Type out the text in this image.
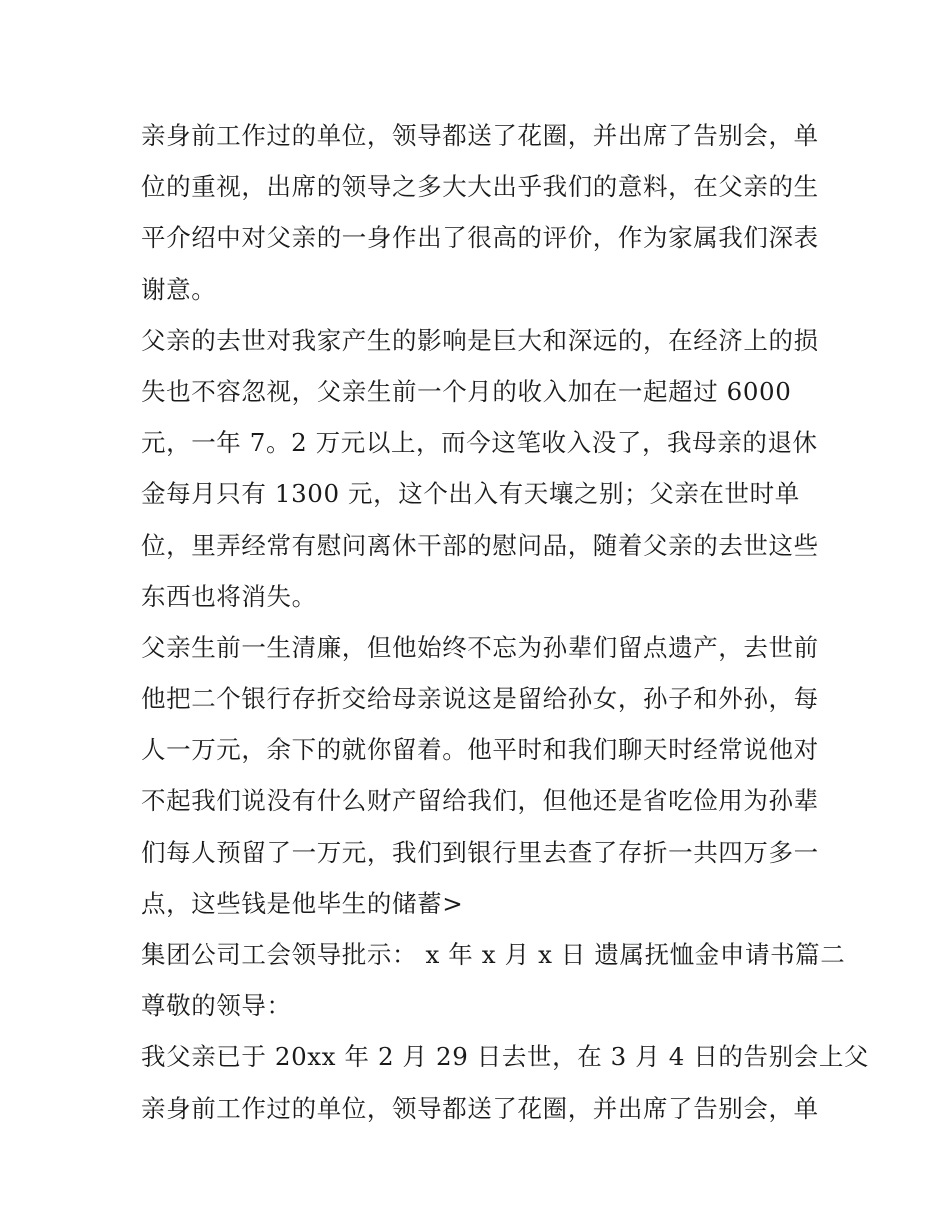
亲身前工作过的单位，领导都送了花圈，并出席了告别会，单
位的重视，出席的领导之多大大出乎我们的意料，在父亲的生
平介绍中对父亲的一身作出了很高的评价，作为家属我们深表
谢意。
父亲的去世对我家产生的影响是巨大和深远的，在经济上的损
失也不容忽视，父亲生前一个月的收入加在一起超过 6000
元，一年 7。2 万元以上，而今这笔收入没了，我母亲的退休
金每月只有 1300 元，这个出入有天壤之别；父亲在世时单
位，里弄经常有慰问离休干部的慰问品，随着父亲的去世这些
东西也将消失。
父亲生前一生清廉，但他始终不忘为孙辈们留点遗产，去世前
他把二个银行存折交给母亲说这是留给孙女，孙子和外孙，每
人一万元，余下的就你留着。他平时和我们聊天时经常说他对
不起我们说没有什么财产留给我们，但他还是省吃俭用为孙辈
们每人预留了一万元，我们到银行里去查了存折一共四万多一
点，这些钱是他毕生的储蓄>
集团公司工会领导批示： x 年 x 月 x 日 遗属抚恤金申请书篇二
尊敬的领导：
我父亲已于 20xx 年 2 月 29 日去世，在 3 月 4 日的告别会上父
亲身前工作过的单位，领导都送了花圈，并出席了告别会，单
